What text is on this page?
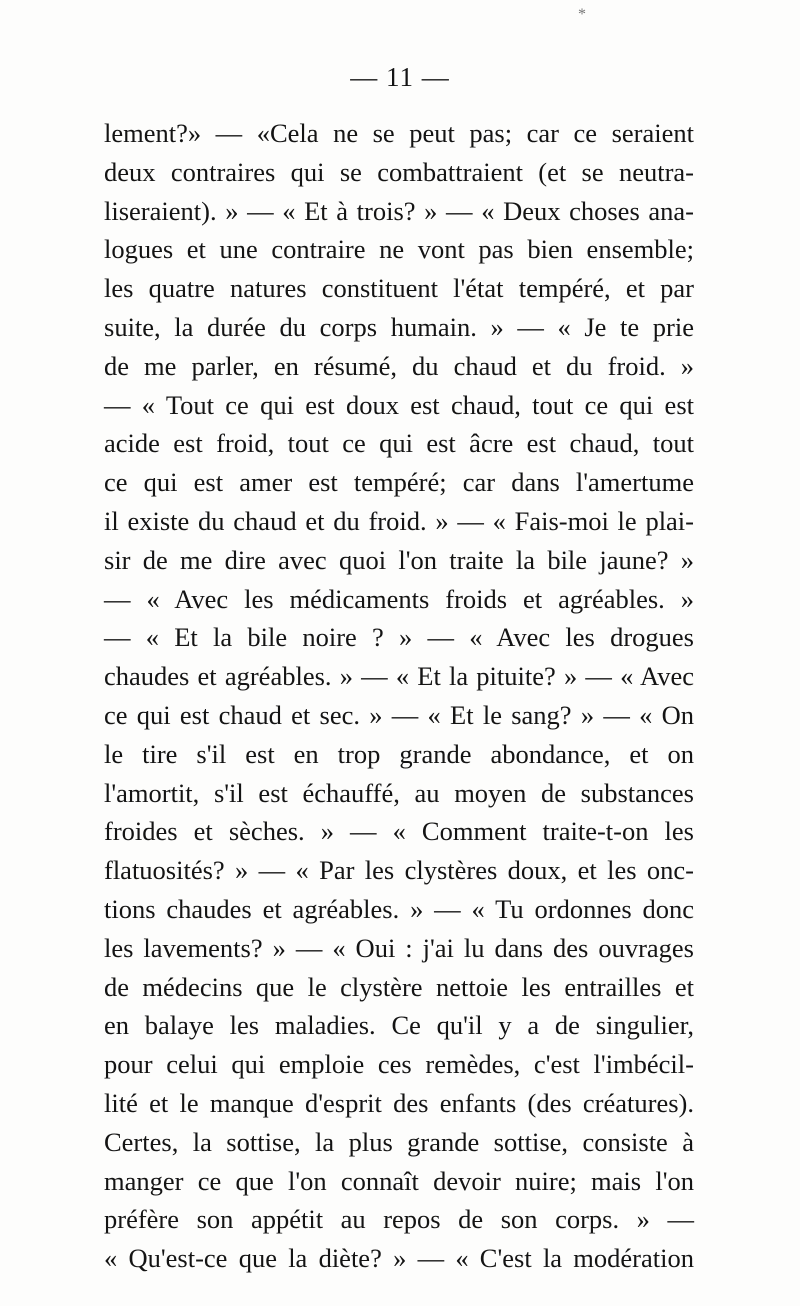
*
— 11 —
lement?» — «Cela ne se peut pas; car ce seraient
deux contraires qui se combattraient (et se neutra-
liseraient). » — « Et à trois? » — « Deux choses ana-
logues et une contraire ne vont pas bien ensemble;
les quatre natures constituent l'état tempéré, et par
suite, la durée du corps humain. » — « Je te prie
de me parler, en résumé, du chaud et du froid. »
— « Tout ce qui est doux est chaud, tout ce qui est
acide est froid, tout ce qui est âcre est chaud, tout
ce qui est amer est tempéré; car dans l'amertume
il existe du chaud et du froid. » — « Fais-moi le plai-
sir de me dire avec quoi l'on traite la bile jaune? »
— « Avec les médicaments froids et agréables. »
— « Et la bile noire ? » — « Avec les drogues
chaudes et agréables. » — « Et la pituite? » — « Avec
ce qui est chaud et sec. » — « Et le sang? » — « On
le tire s'il est en trop grande abondance, et on
l'amortit, s'il est échauffé, au moyen de substances
froides et sèches. » — « Comment traite-t-on les
flatuosités? » — « Par les clystères doux, et les onc-
tions chaudes et agréables. » — « Tu ordonnes donc
les lavements? » — « Oui : j'ai lu dans des ouvrages
de médecins que le clystère nettoie les entrailles et
en balaye les maladies. Ce qu'il y a de singulier,
pour celui qui emploie ces remèdes, c'est l'imbécil-
lité et le manque d'esprit des enfants (des créatures).
Certes, la sottise, la plus grande sottise, consiste à
manger ce que l'on connaît devoir nuire; mais l'on
préfère son appétit au repos de son corps. » —
« Qu'est-ce que la diète? » — « C'est la modération
